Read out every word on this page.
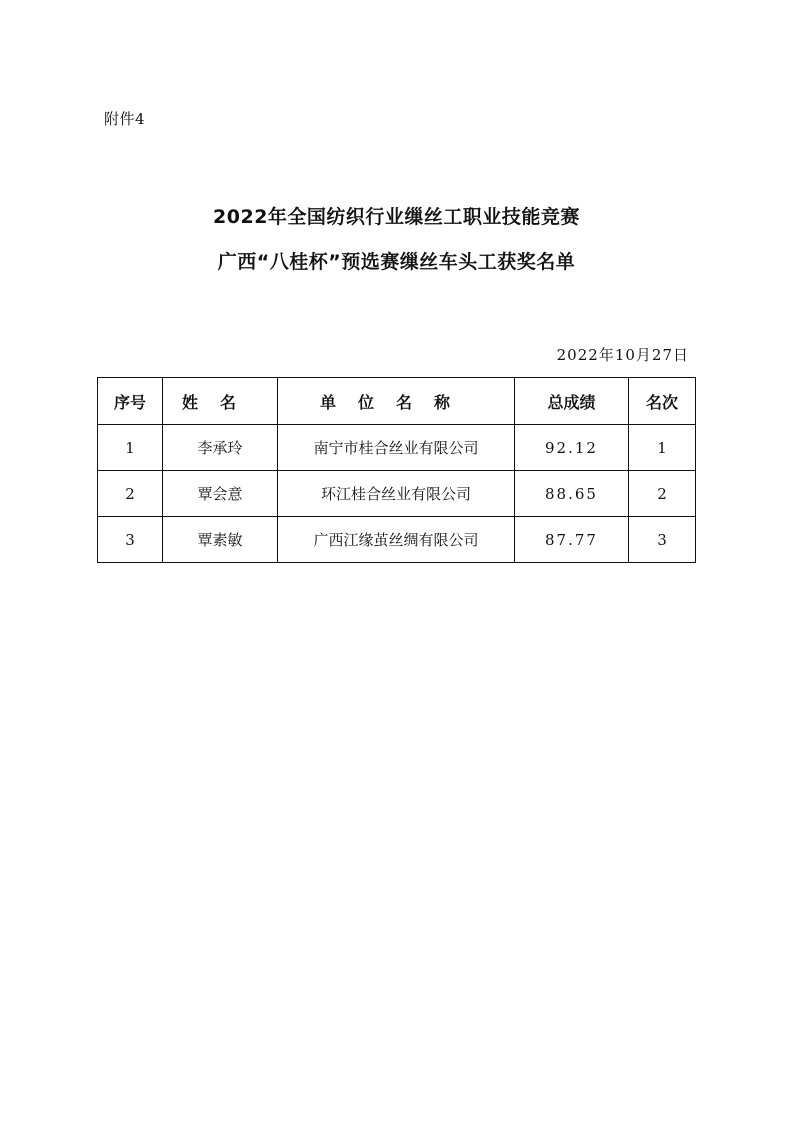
附件4
2022年全国纺织行业缫丝工职业技能竞赛
广西“八桂杯”预选赛缫丝车头工获奖名单
2022年10月27日
序号	姓名	单位名称	总成绩	名次
1	李承玲	南宁市桂合丝业有限公司	92.12	1
2	覃会意	环江桂合丝业有限公司	88.65	2
3	覃素敏	广西江缘茧丝绸有限公司	87.77	3
